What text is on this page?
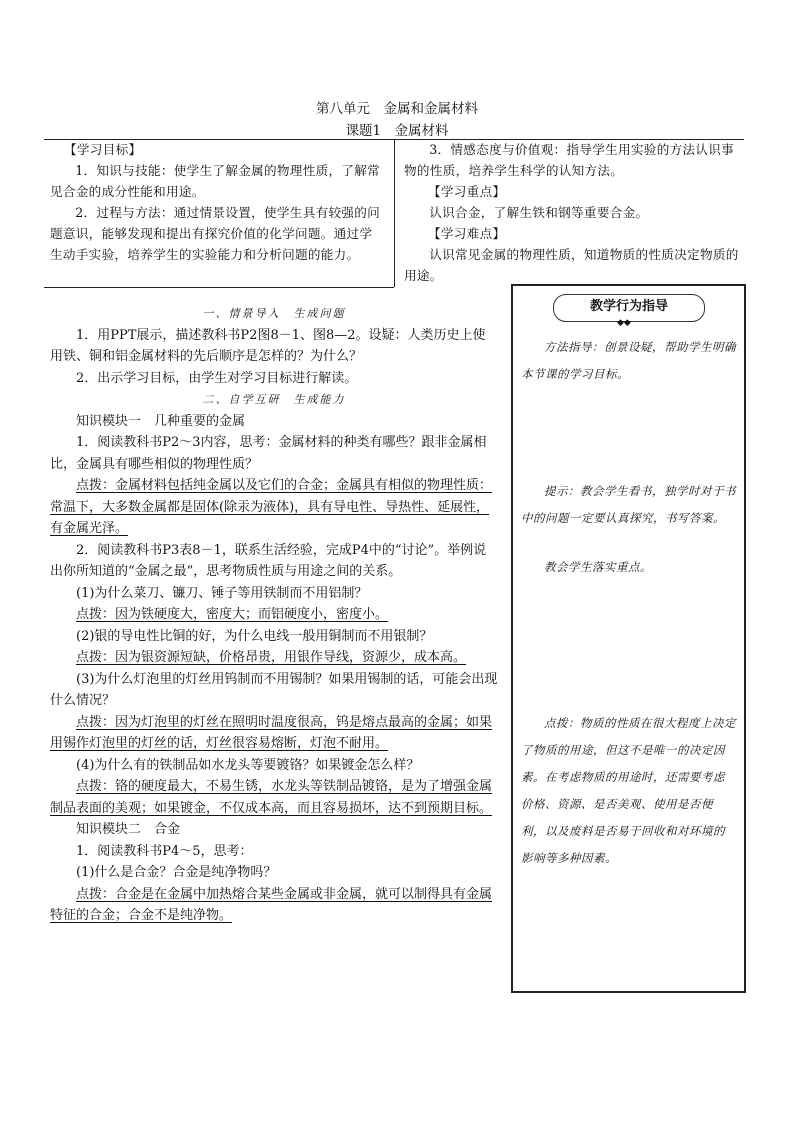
第八单元　金属和金属材料
课题1　金属材料
【学习目标】
1．知识与技能：使学生了解金属的物理性质，了解常见合金的成分性能和用途。
2．过程与方法：通过情景设置，使学生具有较强的问题意识，能够发现和提出有探究价值的化学问题。通过学生动手实验，培养学生的实验能力和分析问题的能力。
3．情感态度与价值观：指导学生用实验的方法认识事物的性质，培养学生科学的认知方法。
【学习重点】
认识合金，了解生铁和钢等重要合金。
【学习难点】
认识常见金属的物理性质，知道物质的性质决定物质的用途。

一、情景导入　生成问题

1．用PPT展示，描述教科书P2图8－1、图8—2。设疑：人类历史上使用铁、铜和铝金属材料的先后顺序是怎样的？为什么？

2．出示学习目标，由学生对学习目标进行解读。

二、自学互研　生成能力

知识模块一　几种重要的金属

1．阅读教科书P2～3内容，思考：金属材料的种类有哪些？跟非金属相比，金属具有哪些相似的物理性质？

点拨：金属材料包括纯金属以及它们的合金；金属具有相似的物理性质：常温下，大多数金属都是固体(除汞为液体)，具有导电性、导热性、延展性，有金属光泽。

2．阅读教科书P3表8－1，联系生活经验，完成P4中的“讨论”。举例说出你所知道的“金属之最”，思考物质性质与用途之间的关系。

(1)为什么菜刀、镰刀、锤子等用铁制而不用铝制？

点拨：因为铁硬度大，密度大；而铝硬度小，密度小。

(2)银的导电性比铜的好，为什么电线一般用铜制而不用银制？

点拨：因为银资源短缺，价格昂贵，用银作导线，资源少，成本高。

(3)为什么灯泡里的灯丝用钨制而不用锡制？如果用锡制的话，可能会出现什么情况？

点拨：因为灯泡里的灯丝在照明时温度很高，钨是熔点最高的金属；如果用锡作灯泡里的灯丝的话，灯丝很容易熔断，灯泡不耐用。

(4)为什么有的铁制品如水龙头等要镀铬？如果镀金怎么样？

点拨：铬的硬度最大，不易生锈，水龙头等铁制品镀铬，是为了增强金属制品表面的美观；如果镀金，不仅成本高，而且容易损坏，达不到预期目标。

知识模块二　合金

1．阅读教科书P4～5，思考：

(1)什么是合金？合金是纯净物吗？

点拨：合金是在金属中加热熔合某些金属或非金属，就可以制得具有金属特征的合金；合金不是纯净物。

教学行为指导
◆◆
方法指导：创景设疑，帮助学生明确本节课的学习目标。
提示：教会学生看书，独学时对于书中的问题一定要认真探究，书写答案。
教会学生落实重点。
点拨：物质的性质在很大程度上决定了物质的用途，但这不是唯一的决定因素。在考虑物质的用途时，还需要考虑价格、资源、是否美观、使用是否便利，以及废料是否易于回收和对环境的影响等多种因素。
